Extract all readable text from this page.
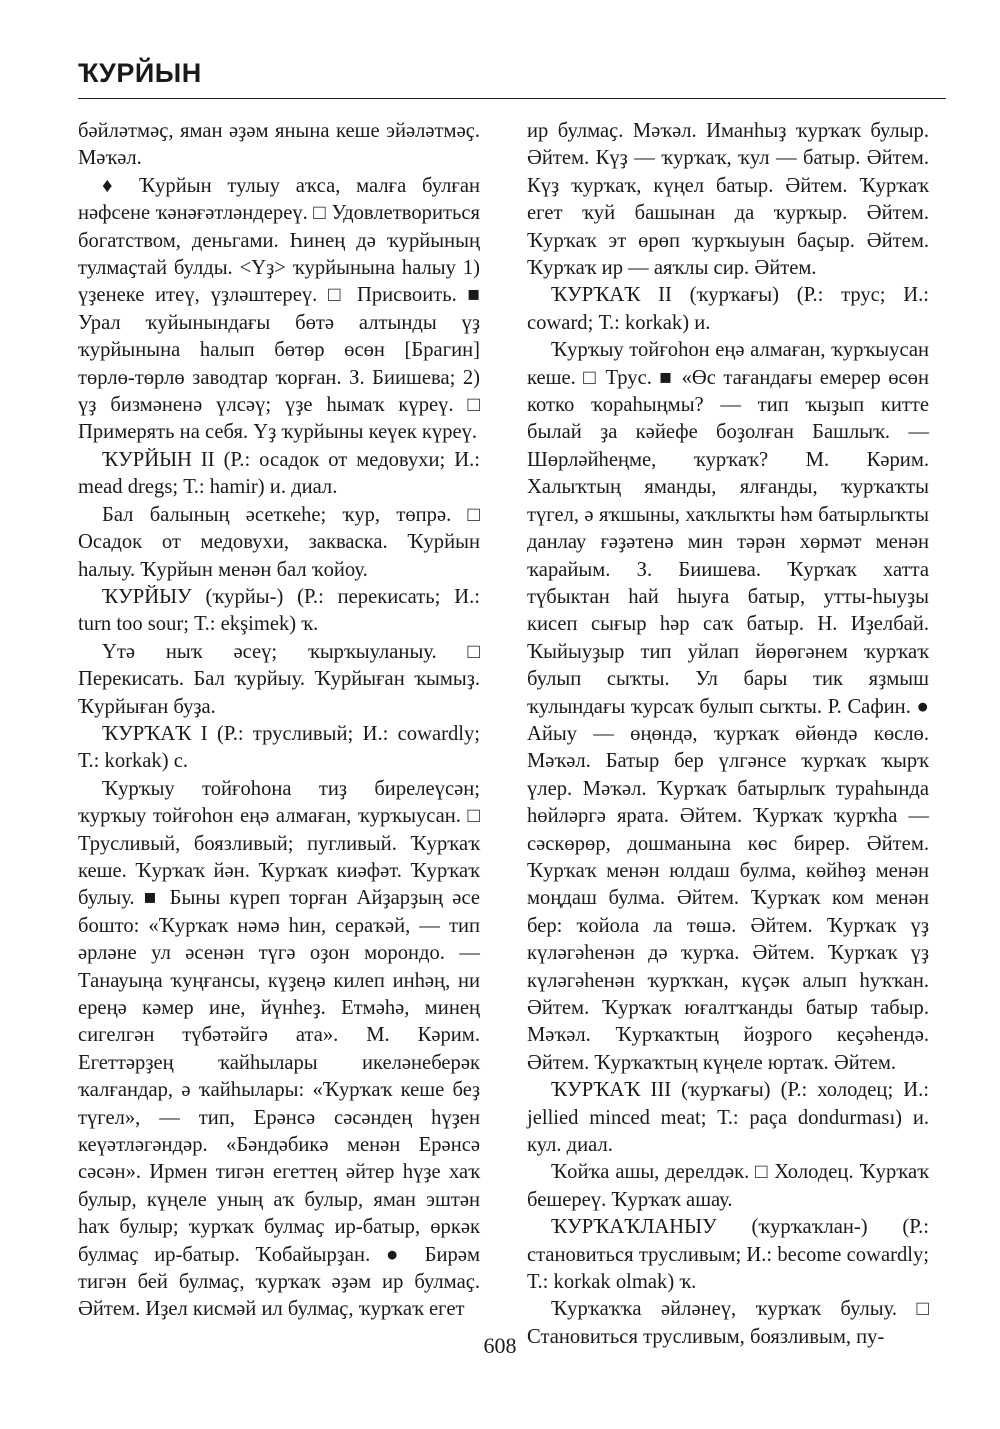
ҠУРЙЫН

бәйләтмәҫ, яман әҙәм янына кеше эйәләтмәҫ. Мәҡәл.

♦ Ҡурйын тулыу аҡса, малға булған нәфсене ҡәнәғәтләндереү. □ Удовлетвориться богатством, деньгами. Һинең дә ҡурйының тулмаҫтай булды. <Үҙ> ҡурйынына һалыу 1) үҙенеке итеү, үҙләштереү. □ Присвоить. ■ Урал ҡуйынындағы бөтә алтынды үҙ ҡурйынына һалып бөтөр өсөн [Брагин] төрлө-төрлө заводтар ҡорған. З. Биишева; 2) үҙ бизмәненә үлсәү; үҙе һымаҡ күреү. □ Примерять на себя. Үҙ ҡурйыны кеүек күреү.

ҠУРЙЫН II (Р.: осадок от медовухи; И.: mead dregs; Т.: hamir) и. диал.

Бал балының әсеткеһе; ҡур, төпрә. □ Осадок от медовухи, закваска. Ҡурйын һалыу. Ҡурйын менән бал ҡойоу.

ҠУРЙЫУ (ҡурйы-) (Р.: перекисать; И.: turn too sour; Т.: ekşimek) ҡ.

Үтә ныҡ әсеү; ҡырҡыуланыу. □ Перекисать. Бал ҡурйыу. Ҡурйыған ҡымыҙ. Ҡурйыған буҙа.

ҠУРҠАҠ I (Р.: трусливый; И.: cowardly; Т.: korkak) с.

Ҡурҡыу тойғоһона тиҙ бирелеүсән; ҡурҡыу тойғоһон еңә алмаған, ҡурҡыусан. □ Трусливый, боязливый; пугливый. Ҡурҡаҡ кеше. Ҡурҡаҡ йән. Ҡурҡаҡ киәфәт. Ҡурҡаҡ булыу. ■ Быны күреп торған Айҙарҙың әсе бошто: «Ҡурҡаҡ нәмә һин, сераҡәй, — тип әрләне ул әсенән түгә оҙон морондо. — Танауыңа ҡуңғансы, күҙеңә килеп инһәң, ни ереңә кәмер ине, йүнһеҙ. Етмәһә, минең сигелгән түбәтәйгә ата». М. Кәрим. Егеттәрҙең ҡайһылары икеләнеберәк ҡалғандар, ә ҡайһылары: «Ҡурҡаҡ кеше беҙ түгел», — тип, Ерәнсә сәсәндең һүҙен кеүәтләгәндәр. «Бәндәбикә менән Ерәнсә сәсән». Ирмен тигән егеттең әйтер һүҙе хаҡ булыр, күңеле уның аҡ булыр, яман эштән һаҡ булыр; ҡурҡаҡ булмаҫ ир-батыр, өркәк булмаҫ ир-батыр. Ҡобайырҙан. ● Бирәм тигән бей булмаҫ, ҡурҡаҡ әҙәм ир булмаҫ. Әйтем. Иҙел кисмәй ил булмаҫ, ҡурҡаҡ егет

ир булмаҫ. Мәҡәл. Иманһыҙ ҡурҡаҡ булыр. Әйтем. Күҙ — ҡурҡаҡ, ҡул — батыр. Әйтем. Күҙ ҡурҡаҡ, күңел батыр. Әйтем. Ҡурҡаҡ егет ҡуй башынан да ҡурҡыр. Әйтем. Ҡурҡаҡ эт өрөп ҡурҡыуын баҫыр. Әйтем. Ҡурҡаҡ ир — аяҡлы сир. Әйтем.

ҠУРҠАҠ II (ҡурҡағы) (Р.: трус; И.: coward; Т.: korkak) и.

Ҡурҡыу тойғоһон еңә алмаған, ҡурҡыусан кеше. □ Трус. ■ «Өс тағандағы емерер өсөн котко ҡораһыңмы? — тип ҡыҙып китте былай ҙа кәйефе боҙолған Башлыҡ. — Шөрләйһеңме, ҡурҡаҡ? М. Кәрим. Халыҡтың яманды, ялғанды, ҡурҡаҡты түгел, ә яҡшыны, хаҡлыҡты һәм батырлыҡты данлау ғәҙәтенә мин тәрән хөрмәт менән ҡарайым. З. Биишева. Ҡурҡаҡ хатта түбыктан һай һыуға батыр, утты-һыуҙы кисеп сығыр һәр саҡ батыр. Н. Иҙелбай. Ҡыйыуҙыр тип уйлап йөрөгәнем ҡурҡаҡ булып сыҡты. Ул бары тик яҙмыш ҡулындағы ҡурсаҡ булып сыҡты. Р. Сафин. ● Айыу — өңөндә, ҡурҡаҡ өйөндә көслө. Мәҡәл. Батыр бер үлгәнсе ҡурҡаҡ ҡырҡ үлер. Мәҡәл. Ҡурҡаҡ батырлыҡ тураһында һөйләргә ярата. Әйтем. Ҡурҡаҡ ҡурҡһа — сәскөрөр, дошманына көс бирер. Әйтем. Ҡурҡаҡ менән юлдаш булма, көйһөҙ менән моңдаш булма. Әйтем. Ҡурҡаҡ ком менән бер: ҡойола ла төшә. Әйтем. Ҡурҡаҡ үҙ күләгәһенән дә ҡурҡа. Әйтем. Ҡурҡаҡ үҙ күләгәһенән ҡурҡҡан, күҫәк алып һуҡҡан. Әйтем. Ҡурҡаҡ юғалтҡанды батыр табыр. Мәҡәл. Ҡурҡаҡтың йоҙрогo кеҫәһендә. Әйтем. Ҡурҡаҡтың күңеле юртаҡ. Әйтем.

ҠУРҠАҠ III (ҡурҡағы) (Р.: холодец; И.: jellied minced meat; Т.: paça dondurması) и. кул. диал.

Ҡойҡа ашы, дерелдәк. □ Холодец. Ҡурҡаҡ бешереү. Ҡурҡаҡ ашау.

ҠУРҠАҠЛАНЫУ (ҡурҡаҡлан-) (Р.: становиться трусливым; И.: become cowardly; Т.: korkak olmak) ҡ.

Ҡурҡаҡҡа әйләнеү, ҡурҡаҡ булыу. □ Становиться трусливым, боязливым, пу-

608
